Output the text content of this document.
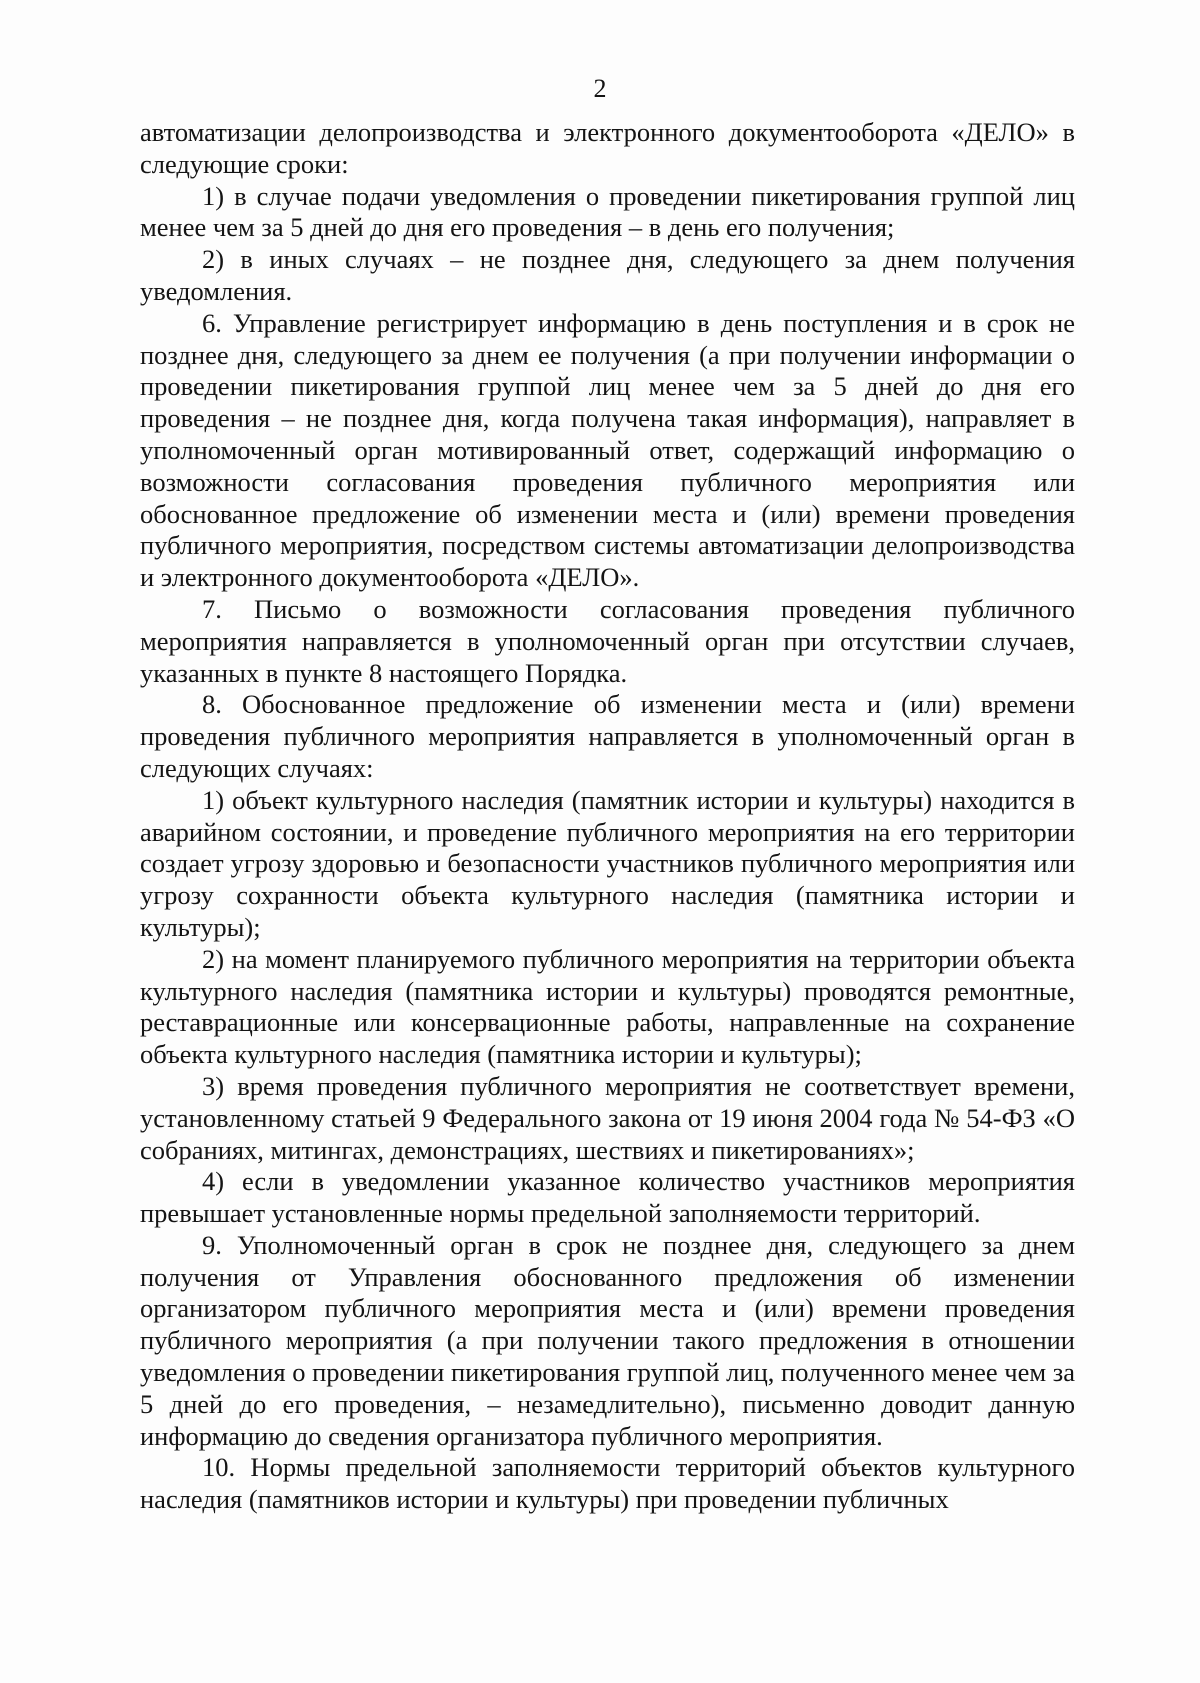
2

автоматизации делопроизводства и электронного документооборота «ДЕЛО» в следующие сроки:

1) в случае подачи уведомления о проведении пикетирования группой лиц менее чем за 5 дней до дня его проведения – в день его получения;

2) в иных случаях – не позднее дня, следующего за днем получения уведомления.

6. Управление регистрирует информацию в день поступления и в срок не позднее дня, следующего за днем ее получения (а при получении информации о проведении пикетирования группой лиц менее чем за 5 дней до дня его проведения – не позднее дня, когда получена такая информация), направляет в уполномоченный орган мотивированный ответ, содержащий информацию о возможности согласования проведения публичного мероприятия или обоснованное предложение об изменении места и (или) времени проведения публичного мероприятия, посредством системы автоматизации делопроизводства и электронного документооборота «ДЕЛО».

7. Письмо о возможности согласования проведения публичного мероприятия направляется в уполномоченный орган при отсутствии случаев, указанных в пункте 8 настоящего Порядка.

8. Обоснованное предложение об изменении места и (или) времени проведения публичного мероприятия направляется в уполномоченный орган в следующих случаях:

1) объект культурного наследия (памятник истории и культуры) находится в аварийном состоянии, и проведение публичного мероприятия на его территории создает угрозу здоровью и безопасности участников публичного мероприятия или угрозу сохранности объекта культурного наследия (памятника истории и культуры);

2) на момент планируемого публичного мероприятия на территории объекта культурного наследия (памятника истории и культуры) проводятся ремонтные, реставрационные или консервационные работы, направленные на сохранение объекта культурного наследия (памятника истории и культуры);

3) время проведения публичного мероприятия не соответствует времени, установленному статьей 9 Федерального закона от 19 июня 2004 года № 54-ФЗ «О собраниях, митингах, демонстрациях, шествиях и пикетированиях»;

4) если в уведомлении указанное количество участников мероприятия превышает установленные нормы предельной заполняемости территорий.

9. Уполномоченный орган в срок не позднее дня, следующего за днем получения от Управления обоснованного предложения об изменении организатором публичного мероприятия места и (или) времени проведения публичного мероприятия (а при получении такого предложения в отношении уведомления о проведении пикетирования группой лиц, полученного менее чем за 5 дней до его проведения, – незамедлительно), письменно доводит данную информацию до сведения организатора публичного мероприятия.

10. Нормы предельной заполняемости территорий объектов культурного наследия (памятников истории и культуры) при проведении публичных
